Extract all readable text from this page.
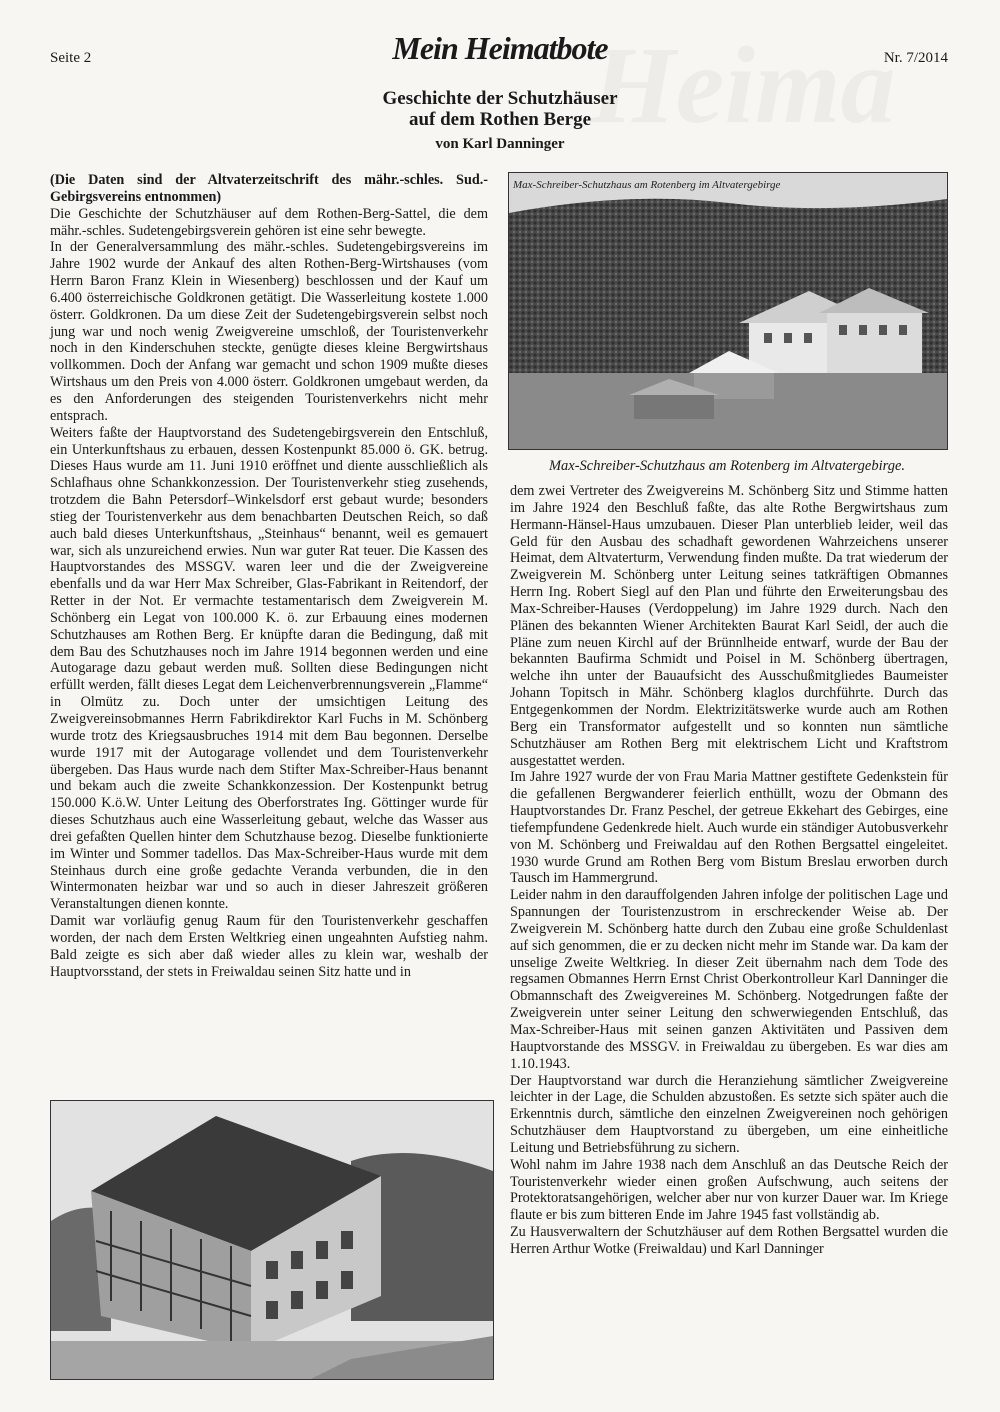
Seite 2	Mein Heimatbote	Nr. 7/2014
Geschichte der Schutzhäuser
auf dem Rothen Berge
von Karl Danninger

(Die Daten sind der Altvaterzeitschrift des mähr.-schles. Sud.-Gebirgsvereins entnommen)

Die Geschichte der Schutzhäuser auf dem Rothen-Berg-Sattel, die dem mähr.-schles. Sudetengebirgsverein gehören ist eine sehr bewegte.

In der Generalversammlung des mähr.-schles. Sudetengebirgsvereins im Jahre 1902 wurde der Ankauf des alten Rothen-Berg-Wirtshauses (vom Herrn Baron Franz Klein in Wiesenberg) beschlossen und der Kauf um 6.400 österreichische Goldkronen getätigt. Die Wasserleitung kostete 1.000 österr. Goldkronen. Da um diese Zeit der Sudetengebirgsverein selbst noch jung war und noch wenig Zweigvereine umschloß, der Touristenverkehr noch in den Kinderschuhen steckte, genügte dieses kleine Bergwirtshaus vollkommen. Doch der Anfang war gemacht und schon 1909 mußte dieses Wirtshaus um den Preis von 4.000 österr. Goldkronen umgebaut werden, da es den Anforderungen des steigenden Touristenverkehrs nicht mehr entsprach.

Weiters faßte der Hauptvorstand des Sudetengebirgsverein den Entschluß, ein Unterkunftshaus zu erbauen, dessen Kostenpunkt 85.000 ö. GK. betrug. Dieses Haus wurde am 11. Juni 1910 eröffnet und diente ausschließlich als Schlafhaus ohne Schankkonzession. Der Touristenverkehr stieg zusehends, trotzdem die Bahn Petersdorf–Winkelsdorf erst gebaut wurde; besonders stieg der Touristenverkehr aus dem benachbarten Deutschen Reich, so daß auch bald dieses Unterkunftshaus, „Steinhaus“ benannt, weil es gemauert war, sich als unzureichend erwies. Nun war guter Rat teuer. Die Kassen des Hauptvorstandes des MSSGV. waren leer und die der Zweigvereine ebenfalls und da war Herr Max Schreiber, Glas-Fabrikant in Reitendorf, der Retter in der Not. Er vermachte testamentarisch dem Zweigverein M. Schönberg ein Legat von 100.000 K. ö. zur Erbauung eines modernen Schutzhauses am Rothen Berg. Er knüpfte daran die Bedingung, daß mit dem Bau des Schutzhauses noch im Jahre 1914 begonnen werden und eine Autogarage dazu gebaut werden muß. Sollten diese Bedingungen nicht erfüllt werden, fällt dieses Legat dem Leichenverbrennungsverein „Flamme“ in Olmütz zu. Doch unter der umsichtigen Leitung des Zweigvereinsobmannes Herrn Fabrikdirektor Karl Fuchs in M. Schönberg wurde trotz des Kriegsausbruches 1914 mit dem Bau begonnen. Derselbe wurde 1917 mit der Autogarage vollendet und dem Touristenverkehr übergeben. Das Haus wurde nach dem Stifter Max-Schreiber-Haus benannt und bekam auch die zweite Schankkonzession. Der Kostenpunkt betrug 150.000 K.ö.W. Unter Leitung des Oberforstrates Ing. Göttinger wurde für dieses Schutzhaus auch eine Wasserleitung gebaut, welche das Wasser aus drei gefaßten Quellen hinter dem Schutzhause bezog. Dieselbe funktionierte im Winter und Sommer tadellos. Das Max-Schreiber-Haus wurde mit dem Steinhaus durch eine große gedachte Veranda verbunden, die in den Wintermonaten heizbar war und so auch in dieser Jahreszeit größeren Veranstaltungen dienen konnte.

Damit war vorläufig genug Raum für den Touristenverkehr geschaffen worden, der nach dem Ersten Weltkrieg einen ungeahnten Aufstieg nahm. Bald zeigte es sich aber daß wieder alles zu klein war, weshalb der Hauptvorsstand, der stets in Freiwaldau seinen Sitz hatte und in

Max-Schreiber-Schutzhaus am Rotenberg im Altvatergebirge
Max-Schreiber-Schutzhaus am Rotenberg im Altvatergebirge.

dem zwei Vertreter des Zweigvereins M. Schönberg Sitz und Stimme hatten im Jahre 1924 den Beschluß faßte, das alte Rothe Bergwirtshaus zum Hermann-Hänsel-Haus umzubauen. Dieser Plan unterblieb leider, weil das Geld für den Ausbau des schadhaft gewordenen Wahrzeichens unserer Heimat, dem Altvaterturm, Verwendung finden mußte. Da trat wiederum der Zweigverein M. Schönberg unter Leitung seines tatkräftigen Obmannes Herrn Ing. Robert Siegl auf den Plan und führte den Erweiterungsbau des Max-Schreiber-Hauses (Verdoppelung) im Jahre 1929 durch. Nach den Plänen des bekannten Wiener Architekten Baurat Karl Seidl, der auch die Pläne zum neuen Kirchl auf der Brünnlheide entwarf, wurde der Bau der bekannten Baufirma Schmidt und Poisel in M. Schönberg übertragen, welche ihn unter der Bauaufsicht des Ausschußmitgliedes Baumeister Johann Topitsch in Mähr. Schönberg klaglos durchführte. Durch das Entgegenkommen der Nordm. Elektrizitätswerke wurde auch am Rothen Berg ein Transformator aufgestellt und so konnten nun sämtliche Schutzhäuser am Rothen Berg mit elektrischem Licht und Kraftstrom ausgestattet werden.

Im Jahre 1927 wurde der von Frau Maria Mattner gestiftete Gedenkstein für die gefallenen Bergwanderer feierlich enthüllt, wozu der Obmann des Hauptvorstandes Dr. Franz Peschel, der getreue Ekkehart des Gebirges, eine tiefempfundene Gedenkrede hielt. Auch wurde ein ständiger Autobusverkehr von M. Schönberg und Freiwaldau auf den Rothen Bergsattel eingeleitet. 1930 wurde Grund am Rothen Berg vom Bistum Breslau erworben durch Tausch im Hammergrund.

Leider nahm in den darauffolgenden Jahren infolge der politischen Lage und Spannungen der Touristenzustrom in erschreckender Weise ab. Der Zweigverein M. Schönberg hatte durch den Zubau eine große Schuldenlast auf sich genommen, die er zu decken nicht mehr im Stande war. Da kam der unselige Zweite Weltkrieg. In dieser Zeit übernahm nach dem Tode des regsamen Obmannes Herrn Ernst Christ Oberkontrolleur Karl Danninger die Obmannschaft des Zweigvereines M. Schönberg. Notgedrungen faßte der Zweigverein unter seiner Leitung den schwerwiegenden Entschluß, das Max-Schreiber-Haus mit seinen ganzen Aktivitäten und Passiven dem Hauptvorstande des MSSGV. in Freiwaldau zu übergeben. Es war dies am 1.10.1943.

Der Hauptvorstand war durch die Heranziehung sämtlicher Zweigvereine leichter in der Lage, die Schulden abzustoßen. Es setzte sich später auch die Erkenntnis durch, sämtliche den einzelnen Zweigvereinen noch gehörigen Schutzhäuser dem Hauptvorstand zu übergeben, um eine einheitliche Leitung und Betriebsführung zu sichern.

Wohl nahm im Jahre 1938 nach dem Anschluß an das Deutsche Reich der Touristenverkehr wieder einen großen Aufschwung, auch seitens der Protektoratsangehörigen, welcher aber nur von kurzer Dauer war. Im Kriege flaute er bis zum bitteren Ende im Jahre 1945 fast vollständig ab.

Zu Hausverwaltern der Schutzhäuser auf dem Rothen Bergsattel wurden die Herren Arthur Wotke (Freiwaldau) und Karl Danninger
